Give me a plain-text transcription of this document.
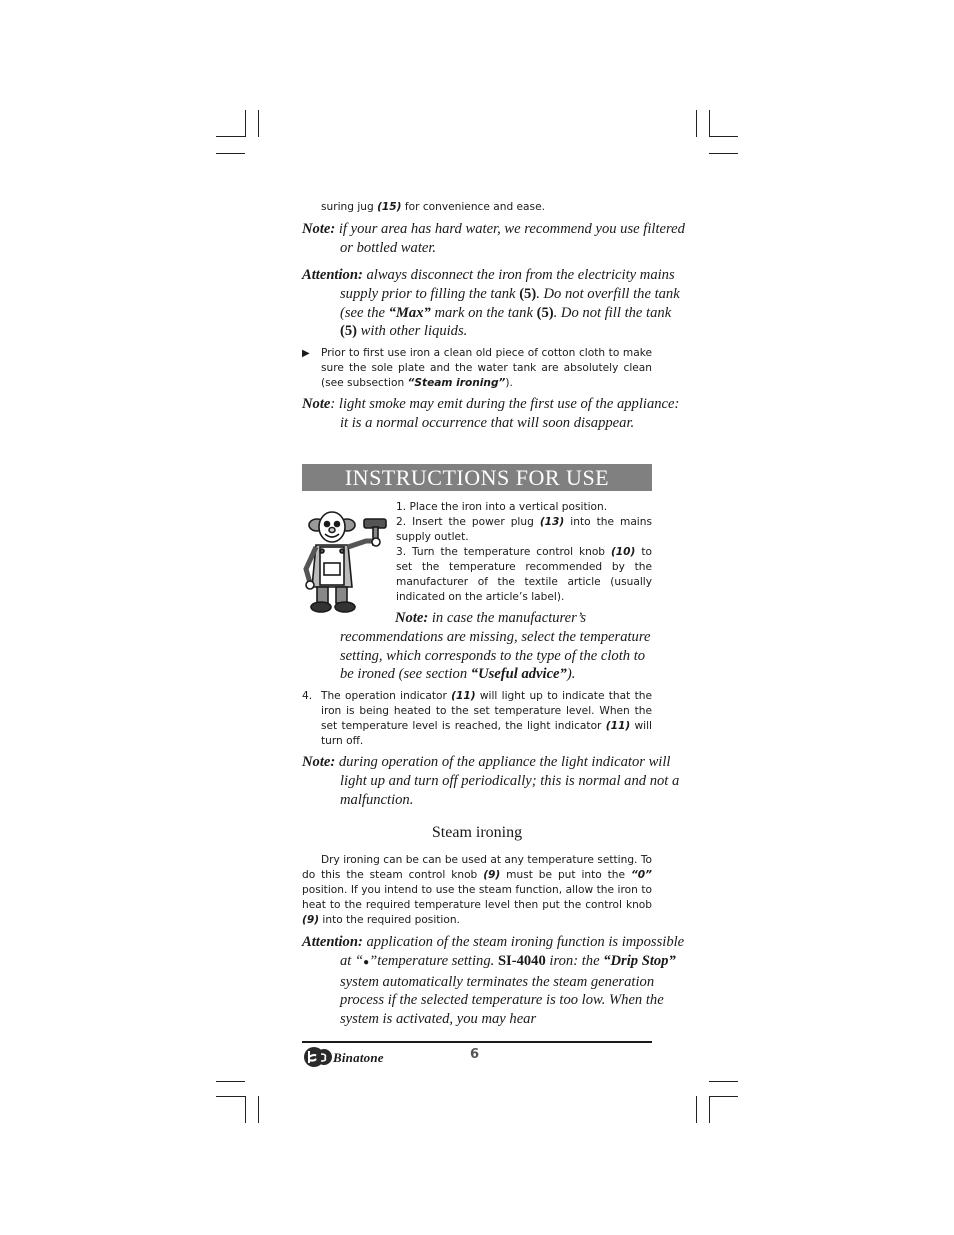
suring jug (15) for convenience and ease.
Note: if your area has hard water, we recommend you use filtered or bottled water.
Attention: always disconnect the iron from the electricity mains supply prior to filling the tank (5). Do not overfill the tank (see the “Max” mark on the tank (5). Do not fill the tank (5) with other liquids.
▶ Prior to first use iron a clean old piece of cotton cloth to make sure the sole plate and the water tank are absolutely clean (see subsection “Steam ironing”).
Note: light smoke may emit during the first use of the appliance: it is a normal occurrence that will soon disappear.
INSTRUCTIONS FOR USE
1. Place the iron into a vertical position.
2. Insert the power plug (13) into the mains supply outlet.
3. Turn the temperature control knob (10) to set the temperature recommended by the manufacturer of the textile article (usually indicated on the article’s label).
Note: in case the manufacturer’s recommendations are missing, select the temperature setting, which corresponds to the type of the cloth to be ironed (see section “Useful advice”).
4. The operation indicator (11) will light up to indicate that the iron is being heated to the set temperature level. When the set temperature level is reached, the light indicator (11) will turn off.
Note: during operation of the appliance the light indicator will light up and turn off periodically; this is normal and not a malfunction.
Steam ironing
Dry ironing can be can be used at any temperature setting. To do this the steam control knob (9) must be put into the “0” position. If you intend to use the steam function, allow the iron to heat to the required temperature level then put the control knob (9) into the required position.
Attention: application of the steam ironing function is impossible at “●”temperature setting. SI-4040 iron: the “Drip Stop” system automatically terminates the steam generation process if the selected temperature is too low. When the system is activated, you may hear
Binatone	6
